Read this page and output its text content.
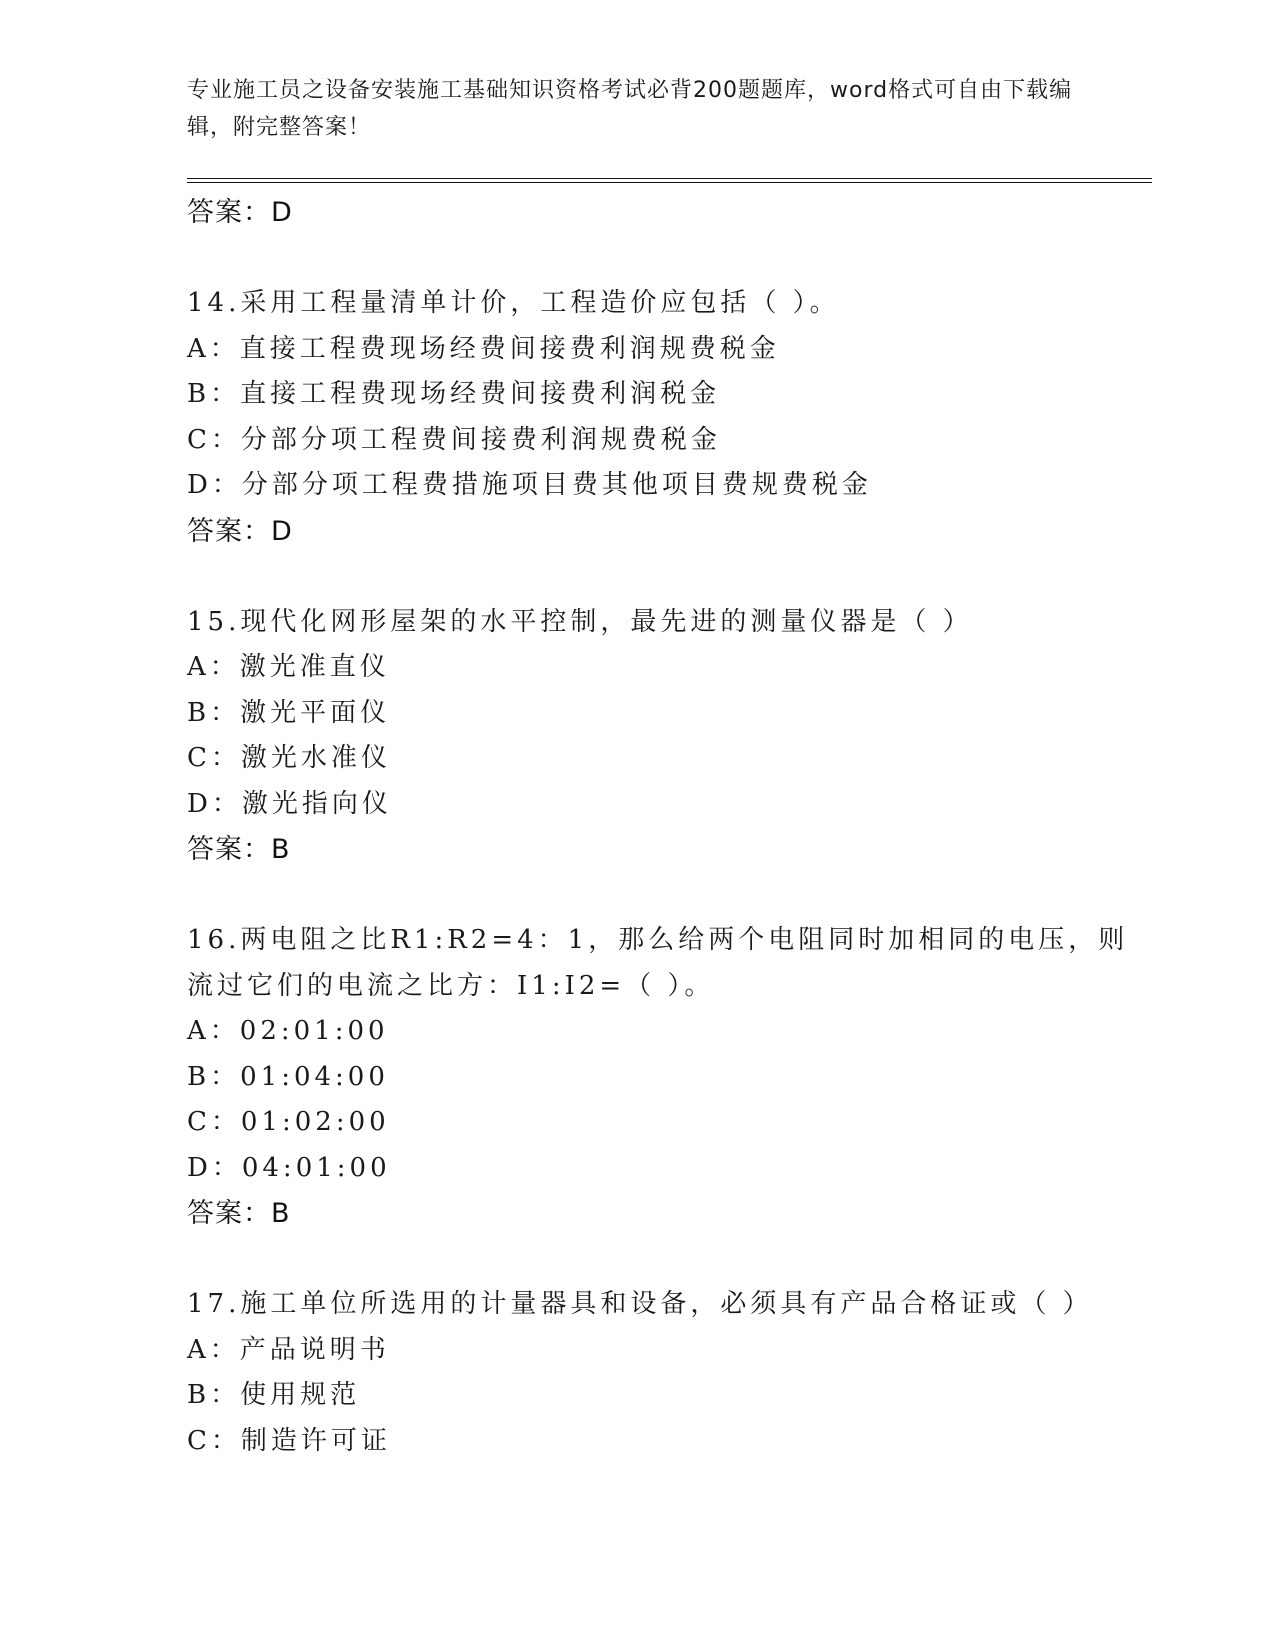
专业施工员之设备安装施工基础知识资格考试必背200题题库，word格式可自由下载编辑，附完整答案！

答案：D

14.采用工程量清单计价，工程造价应包括（ ）。

A：直接工程费现场经费间接费利润规费税金

B：直接工程费现场经费间接费利润税金

C：分部分项工程费间接费利润规费税金

D：分部分项工程费措施项目费其他项目费规费税金

答案：D

15.现代化网形屋架的水平控制，最先进的测量仪器是（ ）

A：激光准直仪

B：激光平面仪

C：激光水准仪

D：激光指向仪

答案：B

16.两电阻之比R1:R2=4：1，那么给两个电阻同时加相同的电压，则流过它们的电流之比方：I1:I2=（ ）。

A：02:01:00

B：01:04:00

C：01:02:00

D：04:01:00

答案：B

17.施工单位所选用的计量器具和设备，必须具有产品合格证或（ ）

A：产品说明书

B：使用规范

C：制造许可证
